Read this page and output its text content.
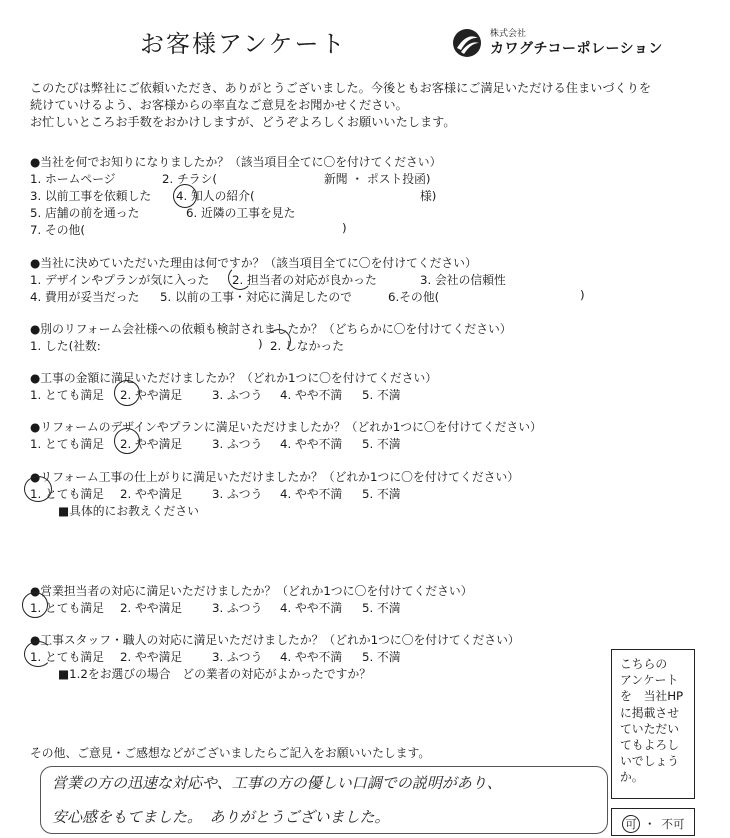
お客様アンケート	株式会社
カワグチコーポレーション
このたびは弊社にご依頼いただき、ありがとうございました。今後ともお客様にご満足いただける住まいづくりを
続けていけるよう、お客様からの率直なご意見をお聞かせください。
お忙しいところお手数をおかけしますが、どうぞよろしくお願いいたします。
●当社を何でお知りになりましたか？（該当項目全てに〇を付けてください）
1. ホームページ	2. チラシ(	新聞 ・ ポスト投函)
3. 以前工事を依頼した 4. 知人の紹介(	様)
5. 店舗の前を通った	6. 近隣の工事を見た
7. その他(	)
●当社に決めていただいた理由は何ですか？（該当項目全てに〇を付けてください）
1. デザインやプランが気に入った 2. 担当者の対応が良かった	3. 会社の信頼性
4. 費用が妥当だった 5. 以前の工事・対応に満足したので	6.その他(	)
●別のリフォーム会社様への依頼も検討されましたか？（どちらかに〇を付けてください）
1. した(社数:	) 2. しなかった
●工事の金額に満足いただけましたか？（どれか1つに〇を付けてください）
1. とても満足 2. やや満足	3. ふつう 4. やや不満 5. 不満
●リフォームのデザインやプランに満足いただけましたか？（どれか1つに〇を付けてください）
1. とても満足 2. やや満足	3. ふつう 4. やや不満 5. 不満
●リフォーム工事の仕上がりに満足いただけましたか？（どれか1つに〇を付けてください）
1. とても満足 2. やや満足	3. ふつう 4. やや不満 5. 不満
■具体的にお教えください
●営業担当者の対応に満足いただけましたか？（どれか1つに〇を付けてください）
1. とても満足 2. やや満足	3. ふつう 4. やや不満 5. 不満
●工事スタッフ・職人の対応に満足いただけましたか？（どれか1つに〇を付けてください）
1. とても満足 2. やや満足	3. ふつう 4. やや不満 5. 不満
■1.2をお選びの場合　どの業者の対応がよかったですか？
こちらの
アンケート
を　当社HP
に掲載させ
ていただい
てもよろし
いでしょう
か。
可 ・ 不可
その他、ご意見・ご感想などがございましたらご記入をお願いいたします。
営業の方の迅速な対応や、工事の方の優しい口調での説明があり、
安心感をもてました。　ありがとうございました。
